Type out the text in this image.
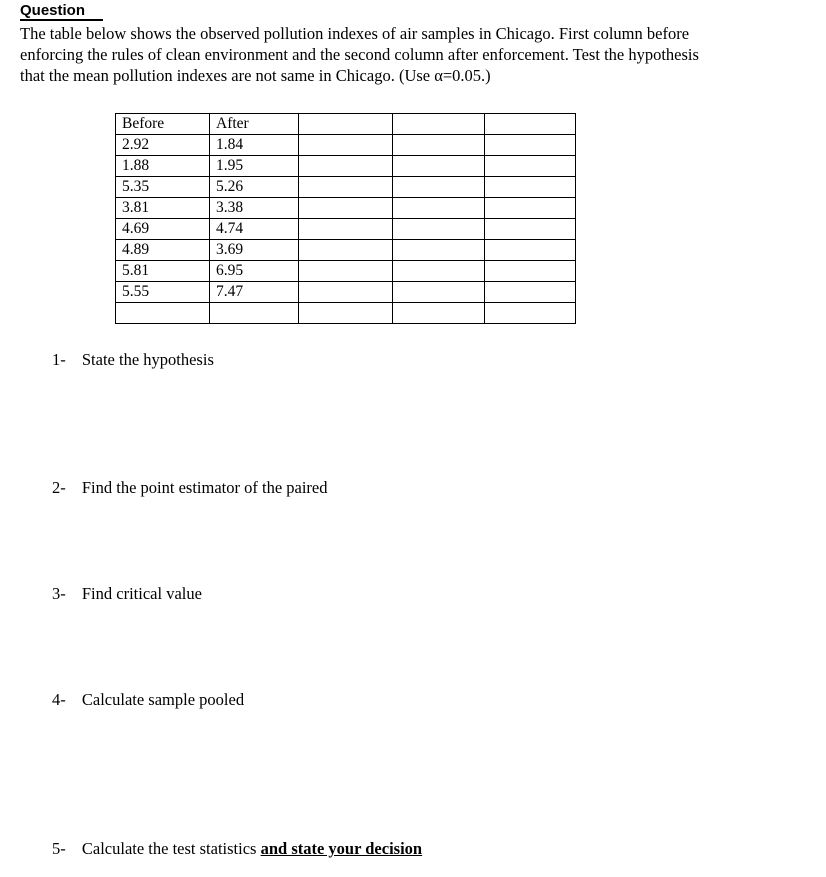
Question

The table below shows the observed pollution indexes of air samples in Chicago. First column before enforcing the rules of clean environment and the second column after enforcement. Test the hypothesis that the mean pollution indexes are not same in Chicago. (Use α=0.05.)

Before	After			
2.92	1.84			
1.88	1.95			
5.35	5.26			
3.81	3.38			
4.69	4.74			
4.89	3.69			
5.81	6.95			
5.55	7.47			

1- State the hypothesis
2- Find the point estimator of the paired
3- Find critical value
4- Calculate sample pooled
5- Calculate the test statistics and state your decision
